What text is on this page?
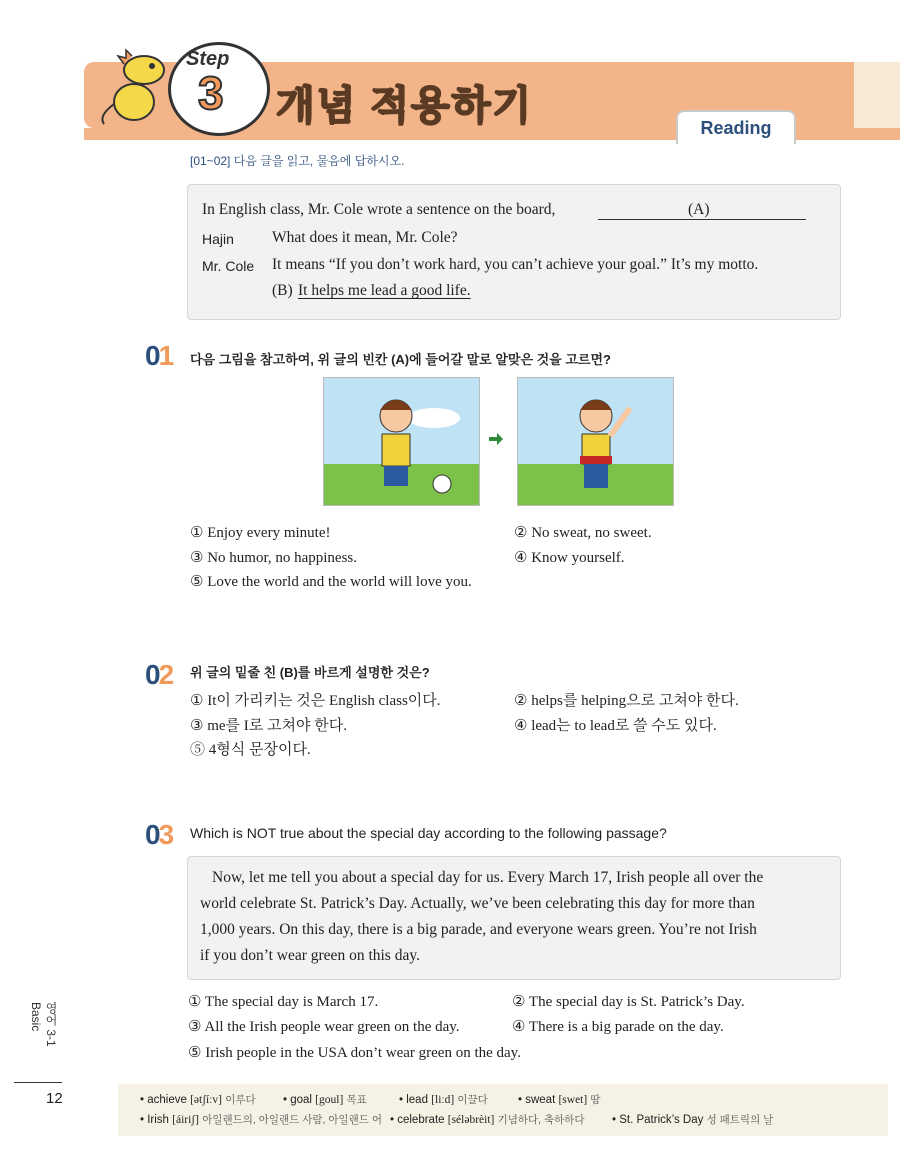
Step
3 개념 적용하기	Reading
[01~02] 다음 글을 읽고, 물음에 답하시오.
In English class, Mr. Cole wrote a sentence on the board,	(A)
Hajin What does it mean, Mr. Cole?
Mr. Cole It means “If you don’t work hard, you can’t achieve your goal.” It’s my motto.
(B) It helps me lead a good life.
01 다음 그림을 참고하여, 위 글의 빈칸 (A)에 들어갈 말로 알맞은 것을 고르면?
① Enjoy every minute!	② No sweat, no sweet.
③ No humor, no happiness.	④ Know yourself.
⑤ Love the world and the world will love you.
02 위 글의 밑줄 친 (B)를 바르게 설명한 것은?
① It이 가리키는 것은 English class이다.	② helps를 helping으로 고쳐야 한다.
③ me를 I로 고쳐야 한다.	④ lead는 to lead로 쓸 수도 있다.
⑤ 4형식 문장이다.
03 Which is NOT true about the special day according to the following passage?
Now, let me tell you about a special day for us. Every March 17, Irish people all over the
world celebrate St. Patrick’s Day. Actually, we’ve been celebrating this day for more than
1,000 years. On this day, there is a big parade, and everyone wears green. You’re not Irish
if you don’t wear green on this day.
① The special day is March 17.	② The special day is St. Patrick’s Day.
③ All the Irish people wear green on the day.	④ There is a big parade on the day.
⑤ Irish people in the USA don’t wear green on the day.
영어 3-1 Basic
12	• achieve [ətʃíːv] 이루다 • goal [goul] 목표	• lead [liːd] 이끌다	• sweat [swet] 땀
• Irish [áiriʃ] 아일랜드의, 아일랜드 사람, 아일랜드 어 • celebrate [séləbrèit] 기념하다, 축하하다 • St. Patrick’s Day 성 패트릭의 날
